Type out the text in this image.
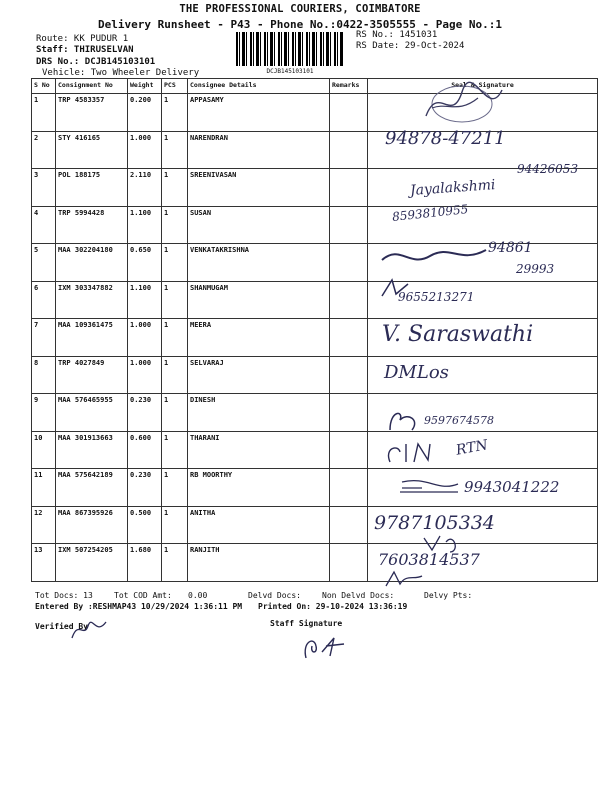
THE PROFESSIONAL COURIERS, COIMBATORE
Delivery Runsheet - P43 - Phone No.:0422-3505555 - Page No.:1
Route: KK PUDUR 1
Staff: THIRUSELVAN
DRS No.: DCJB145103101
Vehicle: Two Wheeler Delivery	DCJB145103101
RS No.: 1451031
RS Date: 29-Oct-2024
S No	Consignment No	Weight	PCS	Consignee Details	Remarks	Seal & Signature
1	TRP 4583357	0.200	1	APPASAMY		
2	STY 416165	1.000	1	NARENDRAN		
3	POL 188175	2.110	1	SREENIVASAN		
4	TRP 5994428	1.100	1	SUSAN		
5	MAA 302204180	0.650	1	VENKATAKRISHNA		
6	IXM 303347882	1.100	1	SHANMUGAM		
7	MAA 109361475	1.000	1	MEERA		
8	TRP 4027849	1.000	1	SELVARAJ		
9	MAA 576465955	0.230	1	DINESH		
10	MAA 301913663	0.600	1	THARANI		
11	MAA 575642189	0.230	1	RB MOORTHY		
12	MAA 867395926	0.500	1	ANITHA		
13	IXM 507254205	1.680	1	RANJITH		
94878-47211
94426053
Jayalakshmi
8593810955
94861
29993
9655213271
V. Saraswathi
DMLos
9597674578
RTN
9943041222
9787105334
7603814537
Tot Docs: 13	Tot COD Amt: 0.00	Delvd Docs:	Non Delvd Docs:	Delvy Pts:
Entered By :RESHMAP43 10/29/2024 1:36:11 PM Printed On: 29-10-2024 13:36:19
Verified By	Staff Signature
